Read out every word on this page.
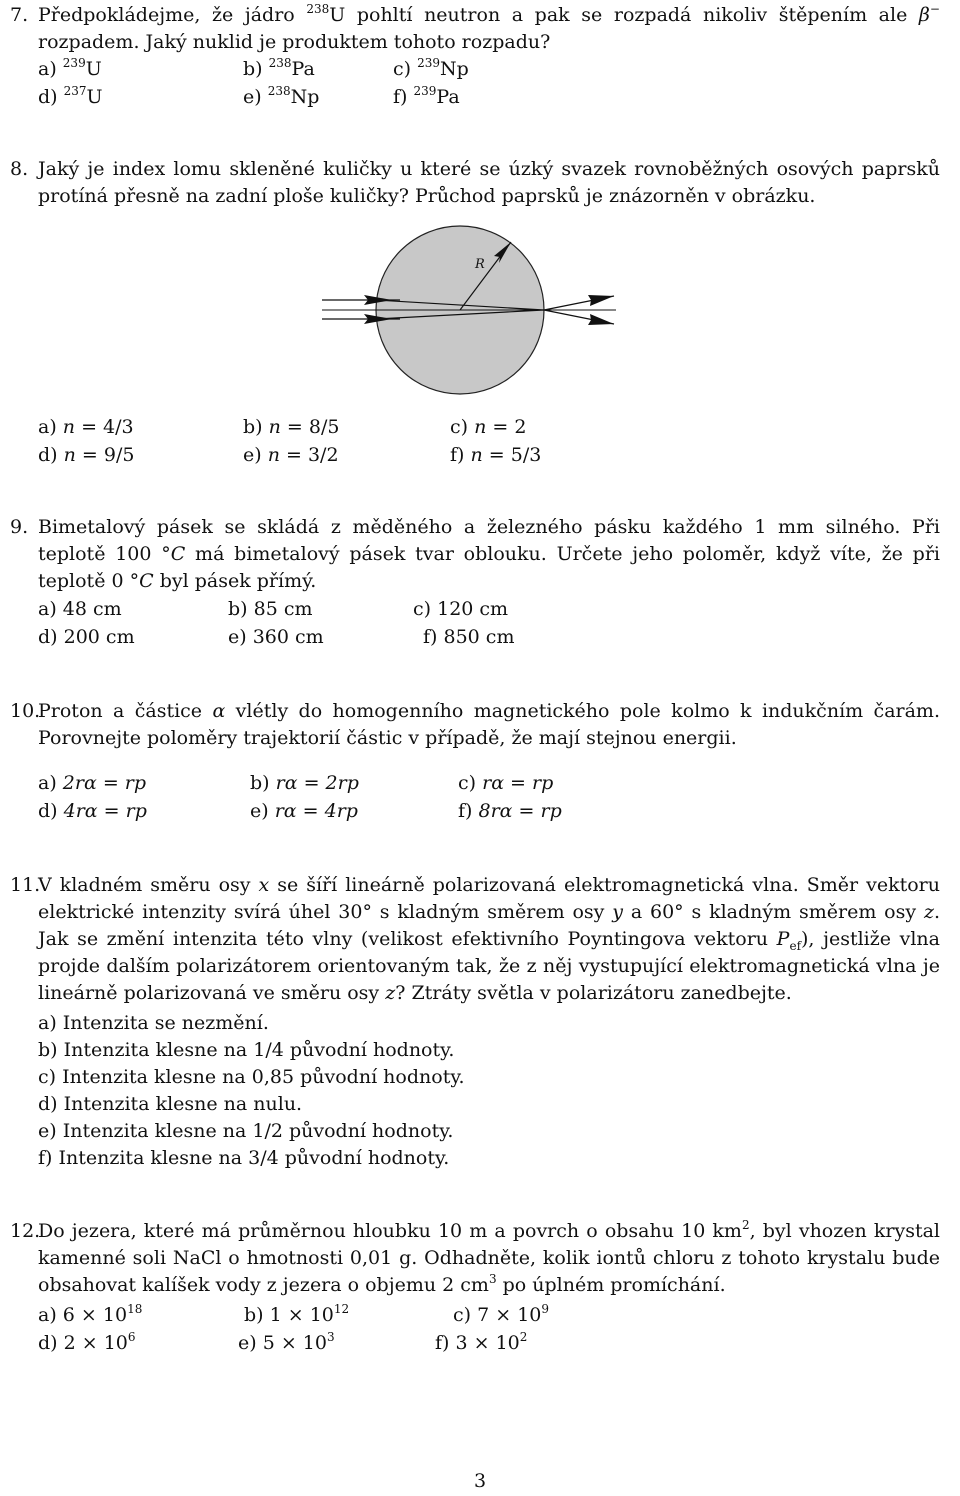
7. Předpokládejme, že jádro $^{238}$U pohltí neutron a pak se rozpadá nikoliv štěpením ale β− rozpadem. Jaký nuklid je produktem tohoto rozpadu?
a) $^{239}$U	b) $^{238}$Pa	c) $^{239}$Np
d) $^{237}$U	e) $^{238}$Np	f) $^{239}$Pa
8. Jaký je index lomu skleněné kuličky u které se úzký svazek rovnoběžných osových paprsků protíná přesně na zadní ploše kuličky? Průchod paprsků je znázorněn v obrázku.
R
a) n = 4/3	b) n = 8/5	c) n = 2
d) n = 9/5	e) n = 3/2	f) n = 5/3
9. Bimetalový pásek se skládá z měděného a železného pásku každého 1 mm silného. Při teplotě 100 °C má bimetalový pásek tvar oblouku. Určete jeho poloměr, když víte, že při teplotě 0 °C byl pásek přímý.
a) 48 cm	b) 85 cm	c) 120 cm
d) 200 cm	e) 360 cm	f) 850 cm
10.
Proton a částice α vlétly do homogenního magnetického pole kolmo k indukčním čarám. Porovnejte poloměry trajektorií částic v případě, že mají stejnou energii.
a) 2rα = rp	b) rα = 2rp	c) rα = rp
d) 4rα = rp	e) rα = 4rp	f) 8rα = rp
11.
V kladném směru osy x se šíří lineárně polarizovaná elektromagnetická vlna. Směr vektoru elektrické intenzity svírá úhel 30° s kladným směrem osy y a 60° s kladným směrem osy z. Jak se změní intenzita této vlny (velikost efektivního Poyntingova vektoru $P_{ef}$), jestliže vlna projde dalším polarizátorem orientovaným tak, že z něj vystupující elektromagnetická vlna je lineárně polarizovaná ve směru osy z? Ztráty světla v polarizátoru zanedbejte.
a) Intenzita se nezmění.
b) Intenzita klesne na 1/4 původní hodnoty.
c) Intenzita klesne na 0,85 původní hodnoty.
d) Intenzita klesne na nulu.
e) Intenzita klesne na 1/2 původní hodnoty.
f) Intenzita klesne na 3/4 původní hodnoty.
12.
Do jezera, které má průměrnou hloubku 10 m a povrch o obsahu 10 $km^2$, byl vhozen krystal kamenné soli NaCl o hmotnosti 0,01 g. Odhadněte, kolik iontů chloru z tohoto krystalu bude obsahovat kalíšek vody z jezera o objemu 2 $cm^3$ po úplném promíchání.
a) $6 \times 10^{18}$	b) $1 \times 10^{12}$	c) $7 \times 10^9$
d) $2 \times 10^6$	e) $5 \times 10^3$	f) $3 \times 10^2$
3
